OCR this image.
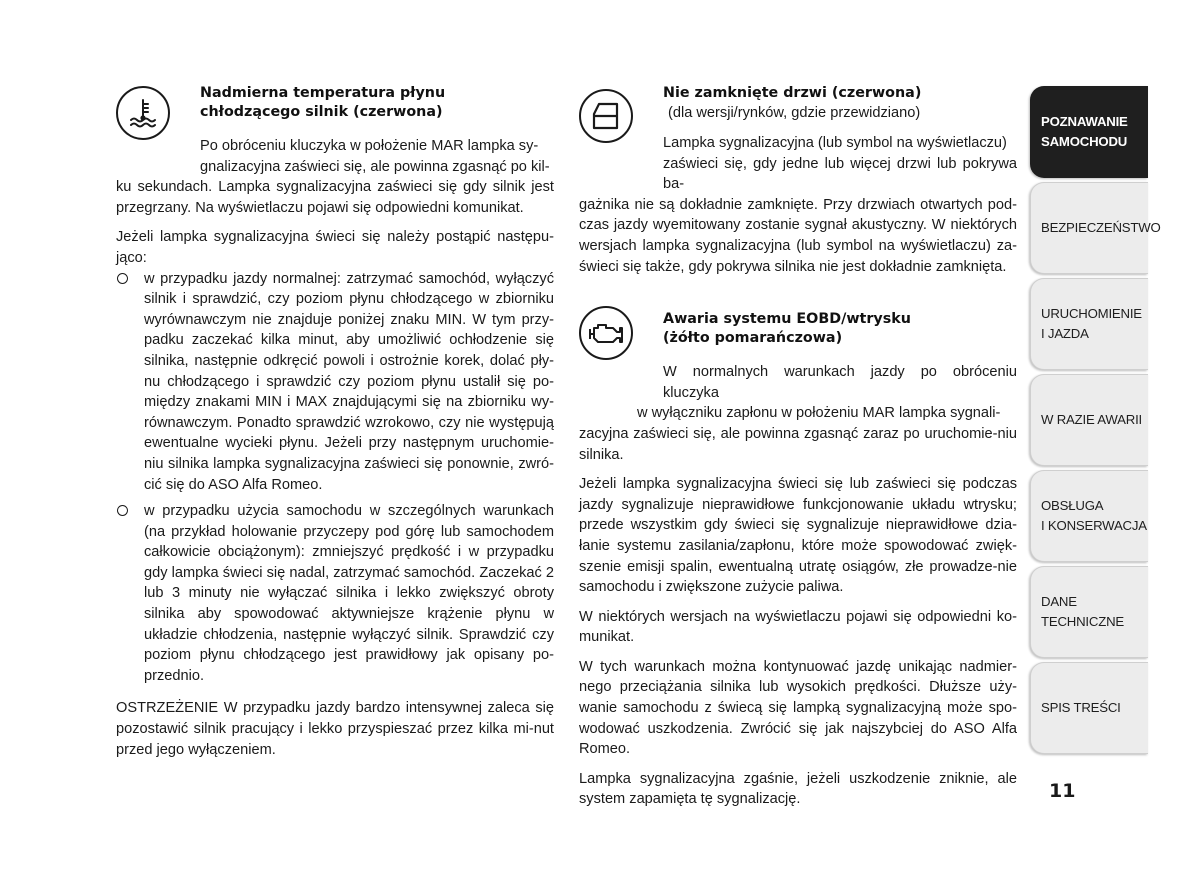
Nadmierna temperatura płynu
chłodzącego silnik (czerwona)

Po obróceniu kluczyka w położenie MAR lampka sy-

gnalizacyjna zaświeci się, ale powinna zgasnąć po kil-

ku sekundach. Lampka sygnalizacyjna zaświeci się gdy silnik jest przegrzany. Na wyświetlaczu pojawi się odpowiedni komunikat.

Jeżeli lampka sygnalizacyjna świeci się należy postąpić następu-jąco:

w przypadku jazdy normalnej: zatrzymać samochód, wyłączyć silnik i sprawdzić, czy poziom płynu chłodzącego w zbiorniku wyrównawczym nie znajduje poniżej znaku MIN. W tym przy-padku zaczekać kilka minut, aby umożliwić ochłodzenie się silnika, następnie odkręcić powoli i ostrożnie korek, dolać pły-nu chłodzącego i sprawdzić czy poziom płynu ustalił się po-między znakami MIN i MAX znajdującymi się na zbiorniku wy-równawczym. Ponadto sprawdzić wzrokowo, czy nie występują ewentualne wycieki płynu. Jeżeli przy następnym uruchomie-niu silnika lampka sygnalizacyjna zaświeci się ponownie, zwró-cić się do ASO Alfa Romeo.
w przypadku użycia samochodu w szczególnych warunkach (na przykład holowanie przyczepy pod górę lub samochodem całkowicie obciążonym): zmniejszyć prędkość i w przypadku gdy lampka świeci się nadal, zatrzymać samochód. Zaczekać 2 lub 3 minuty nie wyłączać silnika i lekko zwiększyć obroty silnika aby spowodować aktywniejsze krążenie płynu w układzie chłodzenia, następnie wyłączyć silnik. Sprawdzić czy poziom płynu chłodzącego jest prawidłowy jak opisany po-przednio.

OSTRZEŻENIE W przypadku jazdy bardzo intensywnej zaleca się pozostawić silnik pracujący i lekko przyspieszać przez kilka mi-nut przed jego wyłączeniem.

Nie zamknięte drzwi (czerwona)
(dla wersji/rynków, gdzie przewidziano)

Lampka sygnalizacyjna (lub symbol na wyświetlaczu)

zaświeci się, gdy jedne lub więcej drzwi lub pokrywa ba-

gażnika nie są dokładnie zamknięte. Przy drzwiach otwartych pod-czas jazdy wyemitowany zostanie sygnał akustyczny. W niektórych wersjach lampka sygnalizacyjna (lub symbol na wyświetlaczu) za-świeci się także, gdy pokrywa silnika nie jest dokładnie zamknięta.

Awaria systemu EOBD/wtrysku
(żółto pomarańczowa)

W normalnych warunkach jazdy po obróceniu kluczyka

w wyłączniku zapłonu w położeniu MAR lampka sygnali-

zacyjna zaświeci się, ale powinna zgasnąć zaraz po uruchomie-niu silnika.

Jeżeli lampka sygnalizacyjna świeci się lub zaświeci się podczas jazdy sygnalizuje nieprawidłowe funkcjonowanie układu wtrysku; przede wszystkim gdy świeci się sygnalizuje nieprawidłowe dzia-łanie systemu zasilania/zapłonu, które może spowodować zwięk-szenie emisji spalin, ewentualną utratę osiągów, złe prowadze-nie samochodu i zwiększone zużycie paliwa.

W niektórych wersjach na wyświetlaczu pojawi się odpowiedni ko-munikat.

W tych warunkach można kontynuować jazdę unikając nadmier-nego przeciążania silnika lub wysokich prędkości. Dłuższe uży-wanie samochodu z świecą się lampką sygnalizacyjną może spo-wodować uszkodzenia. Zwrócić się jak najszybciej do ASO Alfa Romeo.

Lampka sygnalizacyjna zgaśnie, jeżeli uszkodzenie zniknie, ale system zapamięta tę sygnalizację.

POZNAWANIE
SAMOCHODU
BEZPIECZEŃSTWO
URUCHOMIENIE
I JAZDA
W RAZIE AWARII
OBSŁUGA
I KONSERWACJA
DANE
TECHNICZNE
SPIS TREŚCI
11
